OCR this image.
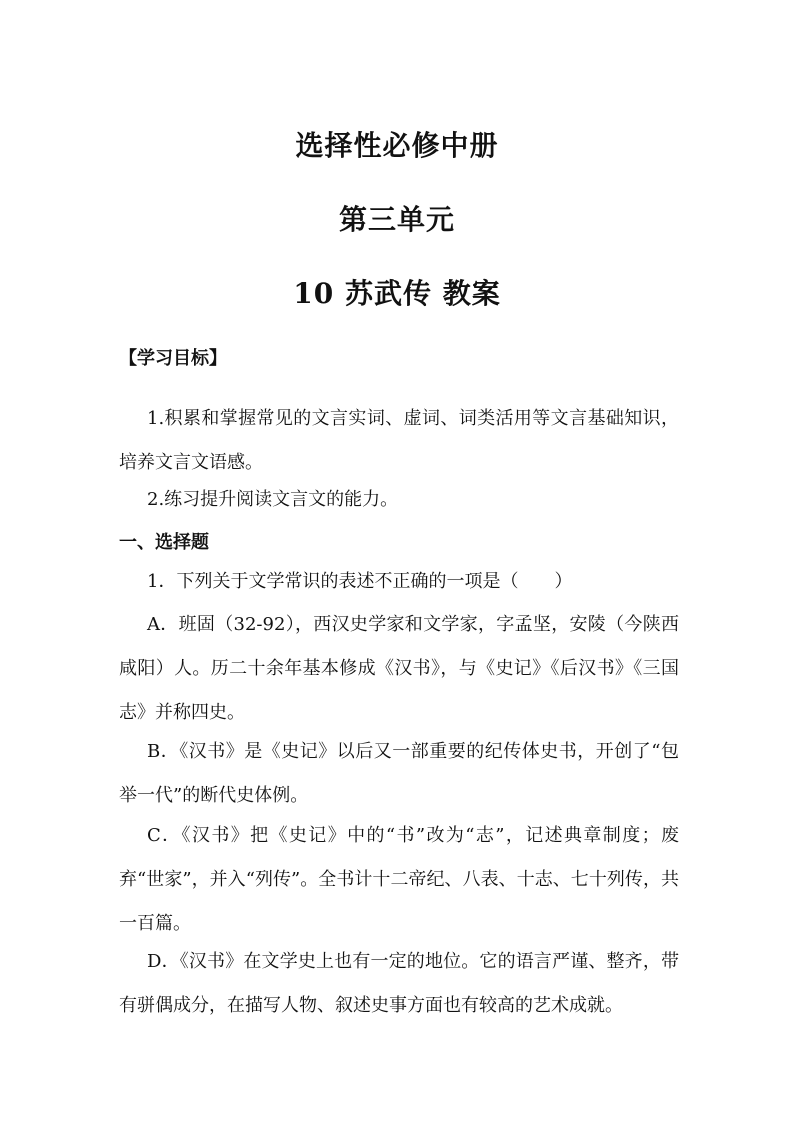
选择性必修中册
第三单元
10 苏武传 教案
【学习目标】
1.积累和掌握常见的文言实词、虚词、词类活用等文言基础知识，培养文言文语感。
2.练习提升阅读文言文的能力。
一、选择题
1．下列关于文学常识的表述不正确的一项是（　　）
A．班固（32-92），西汉史学家和文学家，字孟坚，安陵（今陕西咸阳）人。历二十余年基本修成《汉书》，与《史记》《后汉书》《三国志》并称四史。
B．《汉书》是《史记》以后又一部重要的纪传体史书，开创了“包举一代”的断代史体例。
C．《汉书》把《史记》中的“书”改为“志”，记述典章制度；废弃“世家”，并入“列传”。全书计十二帝纪、八表、十志、七十列传，共一百篇。
D．《汉书》在文学史上也有一定的地位。它的语言严谨、整齐，带有骈偶成分，在描写人物、叙述史事方面也有较高的艺术成就。
